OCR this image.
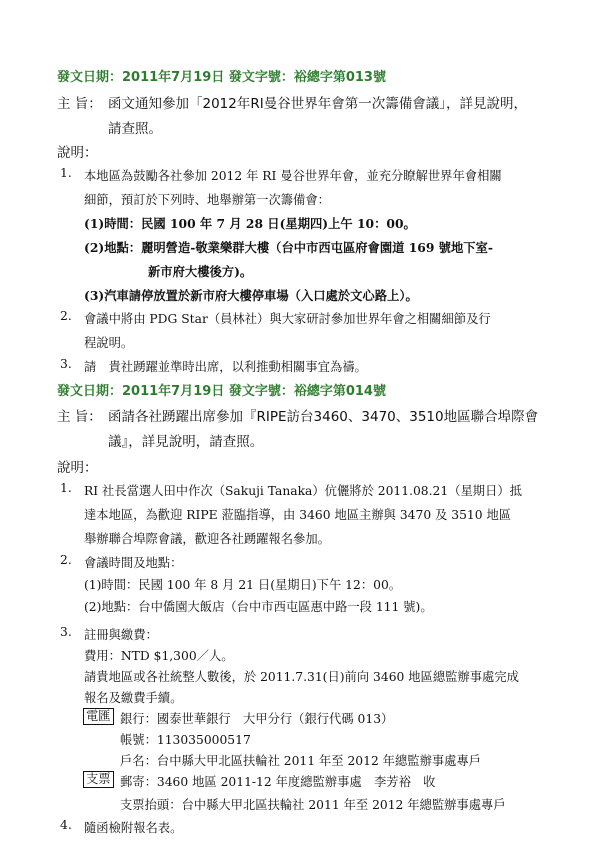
發文日期：2011年7月19日 發文字號：裕總字第013號
主 旨： 函文通知參加「2012年RI曼谷世界年會第一次籌備會議」，詳見說明，
請查照。
說明：
1. 本地區為鼓勵各社參加 2012 年 RI 曼谷世界年會，並充分瞭解世界年會相關
細節，預訂於下列時、地舉辦第一次籌備會：
(1)時間：民國 100 年 7 月 28 日(星期四)上午 10：00。
(2)地點：麗明營造-敬業樂群大樓（台中市西屯區府會園道 169 號地下室-
新市府大樓後方)。
(3)汽車請停放置於新市府大樓停車場（入口處於文心路上）。
2. 會議中將由 PDG Star（員林社）與大家研討參加世界年會之相關細節及行
程說明。
3. 請　貴社踴躍並準時出席，以利推動相關事宜為禱。
發文日期：2011年7月19日 發文字號：裕總字第014號
主 旨： 函請各社踴躍出席參加『RIPE訪台3460、3470、3510地區聯合埠際會
議』，詳見說明，請查照。
說明：
1. RI 社長當選人田中作次（Sakuji Tanaka）伉儷將於 2011.08.21（星期日）抵
達本地區，為歡迎 RIPE 蒞臨指導，由 3460 地區主辦與 3470 及 3510 地區
舉辦聯合埠際會議，歡迎各社踴躍報名參加。
2. 會議時間及地點：
(1)時間：民國 100 年 8 月 21 日(星期日)下午 12：00。
(2)地點：台中僑園大飯店（台中市西屯區惠中路一段 111 號)。
3. 註冊與繳費：
費用：NTD $1,300／人。
請貴地區或各社統整人數後，於 2011.7.31(日)前向 3460 地區總監辦事處完成
報名及繳費手續。
電匯 銀行：國泰世華銀行　大甲分行（銀行代碼 013）
帳號：113035000517
戶名：台中縣大甲北區扶輪社 2011 年至 2012 年總監辦事處專戶
支票 郵寄：3460 地區 2011-12 年度總監辦事處　李芳裕　收
支票抬頭：台中縣大甲北區扶輪社 2011 年至 2012 年總監辦事處專戶
4. 隨函檢附報名表。
